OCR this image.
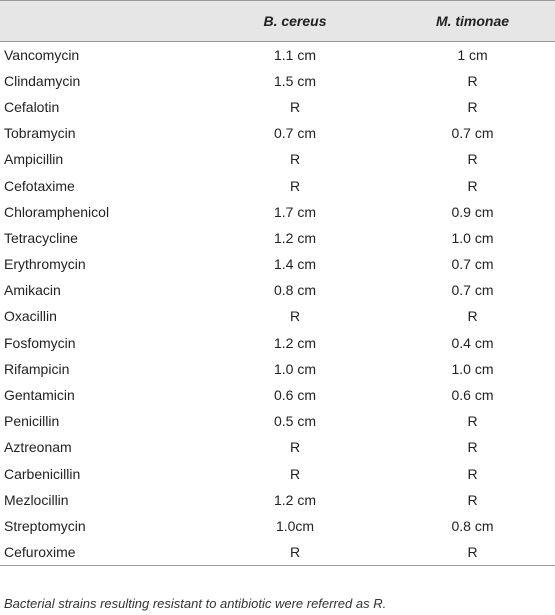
	B. cereus	M. timonae
Vancomycin	1.1 cm	1 cm
Clindamycin	1.5 cm	R
Cefalotin	R	R
Tobramycin	0.7 cm	0.7 cm
Ampicillin	R	R
Cefotaxime	R	R
Chloramphenicol	1.7 cm	0.9 cm
Tetracycline	1.2 cm	1.0 cm
Erythromycin	1.4 cm	0.7 cm
Amikacin	0.8 cm	0.7 cm
Oxacillin	R	R
Fosfomycin	1.2 cm	0.4 cm
Rifampicin	1.0 cm	1.0 cm
Gentamicin	0.6 cm	0.6 cm
Penicillin	0.5 cm	R
Aztreonam	R	R
Carbenicillin	R	R
Mezlocillin	1.2 cm	R
Streptomycin	1.0cm	0.8 cm
Cefuroxime	R	R
Bacterial strains resulting resistant to antibiotic were referred as R.
